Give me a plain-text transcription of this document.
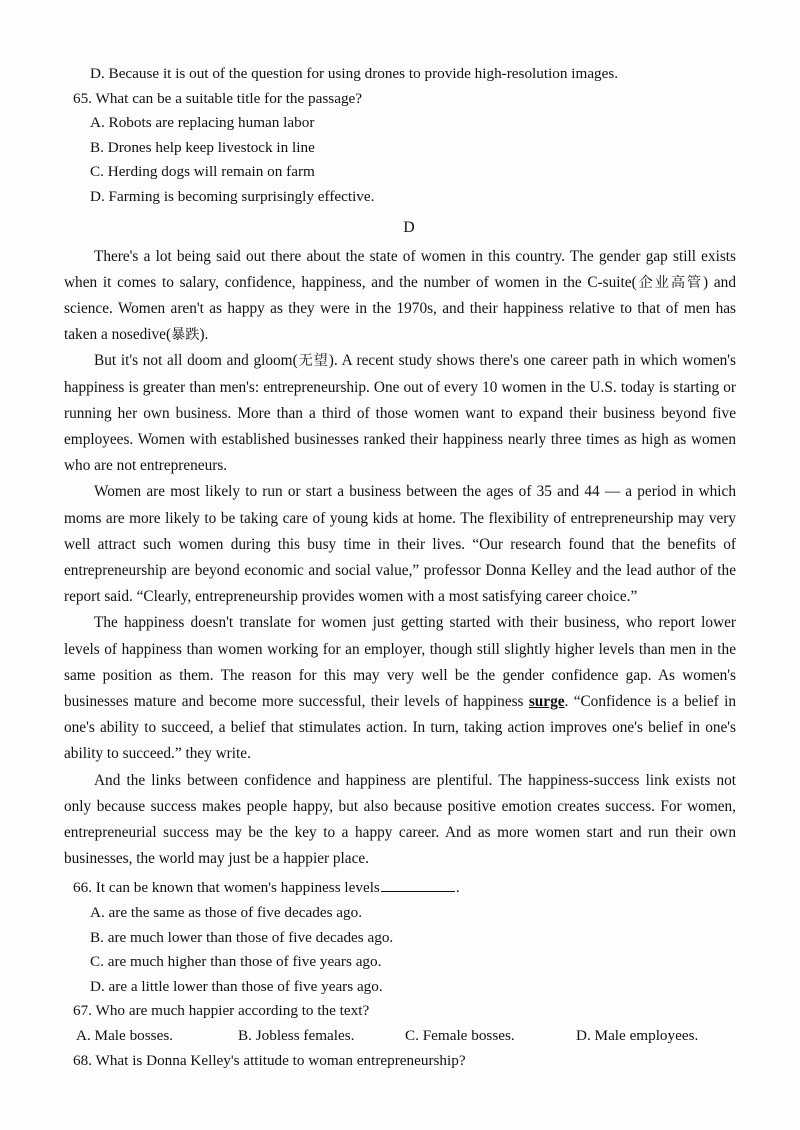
D. Because it is out of the question for using drones to provide high-resolution images.

65. What can be a suitable title for the passage?

A. Robots are replacing human labor

B. Drones help keep livestock in line

C. Herding dogs will remain on farm

D. Farming is becoming surprisingly effective.

D

There's a lot being said out there about the state of women in this country. The gender gap still exists when it comes to salary, confidence, happiness, and the number of women in the C-suite(企业高管) and science. Women aren't as happy as they were in the 1970s, and their happiness relative to that of men has taken a nosedive(暴跌).

But it's not all doom and gloom(无望). A recent study shows there's one career path in which women's happiness is greater than men's: entrepreneurship. One out of every 10 women in the U.S. today is starting or running her own business. More than a third of those women want to expand their business beyond five employees. Women with established businesses ranked their happiness nearly three times as high as women who are not entrepreneurs.

Women are most likely to run or start a business between the ages of 35 and 44 — a period in which moms are more likely to be taking care of young kids at home. The flexibility of entrepreneurship may very well attract such women during this busy time in their lives. “Our research found that the benefits of entrepreneurship are beyond economic and social value,” professor Donna Kelley and the lead author of the report said. “Clearly, entrepreneurship provides women with a most satisfying career choice.”

The happiness doesn't translate for women just getting started with their business, who report lower levels of happiness than women working for an employer, though still slightly higher levels than men in the same position as them. The reason for this may very well be the gender confidence gap. As women's businesses mature and become more successful, their levels of happiness surge. “Confidence is a belief in one's ability to succeed, a belief that stimulates action. In turn, taking action improves one's belief in one's ability to succeed.” they write.

And the links between confidence and happiness are plentiful. The happiness-success link exists not only because success makes people happy, but also because positive emotion creates success. For women, entrepreneurial success may be the key to a happy career. And as more women start and run their own businesses, the world may just be a happier place.

66. It can be known that women's happiness levels	.

A. are the same as those of five decades ago.

B. are much lower than those of five decades ago.

C. are much higher than those of five years ago.

D. are a little lower than those of five years ago.

67. Who are much happier according to the text?

A. Male bosses.	B. Jobless females.	C. Female bosses.	D. Male employees.

68. What is Donna Kelley's attitude to woman entrepreneurship?
